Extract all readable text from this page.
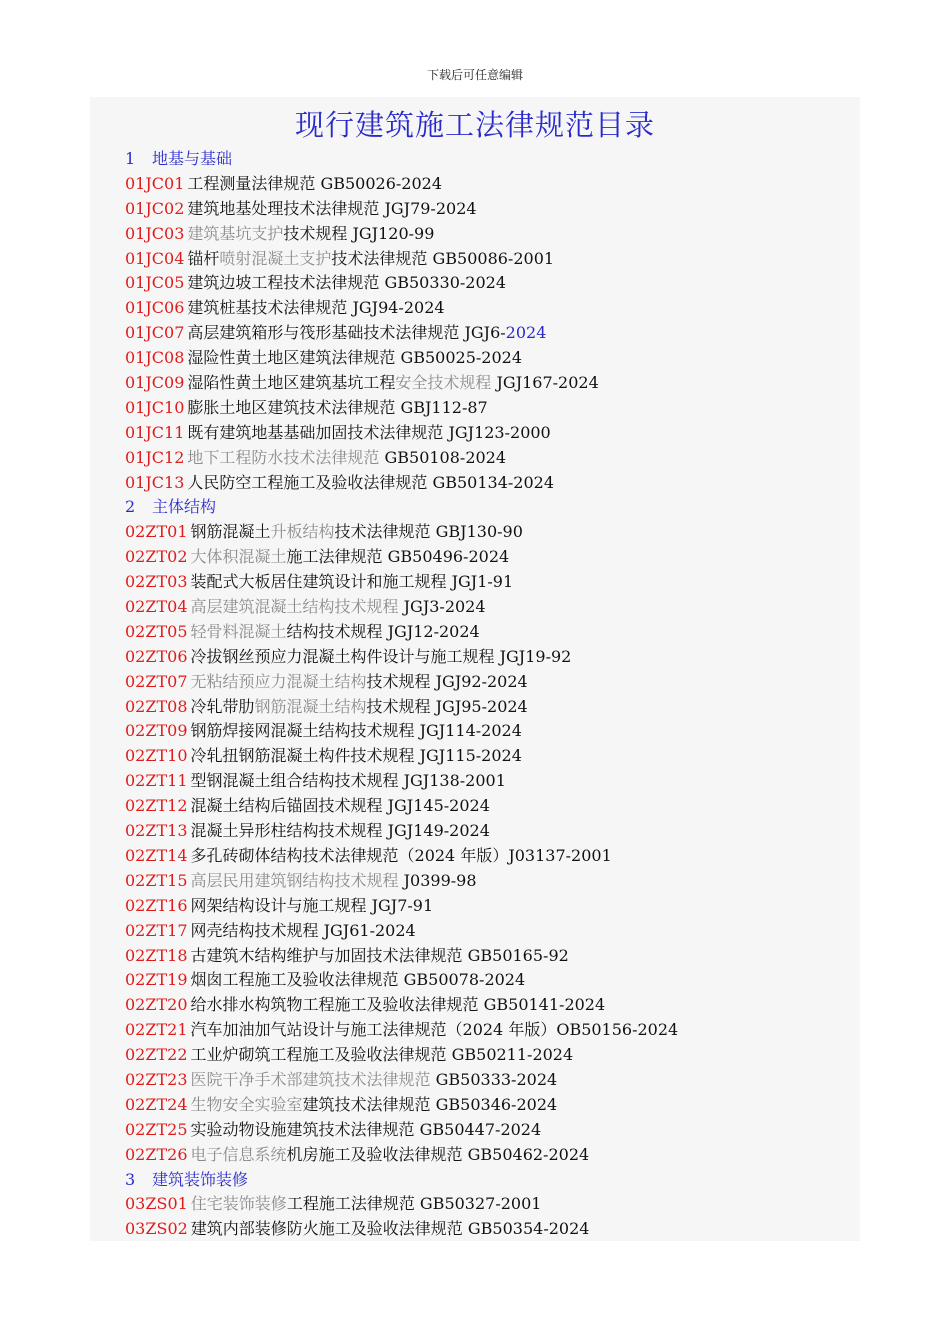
下载后可任意编辑
现行建筑施工法律规范目录
1 地基与基础
01JC01 工程测量法律规范 GB50026-2024
01JC02 建筑地基处理技术法律规范 JGJ79-2024
01JC03 建筑基坑支护技术规程 JGJ120-99
01JC04 锚杆喷射混凝土支护技术法律规范 GB50086-2001
01JC05 建筑边坡工程技术法律规范 GB50330-2024
01JC06 建筑桩基技术法律规范 JGJ94-2024
01JC07 高层建筑箱形与筏形基础技术法律规范 JGJ6-2024
01JC08 湿险性黄土地区建筑法律规范 GB50025-2024
01JC09 湿陷性黄土地区建筑基坑工程安全技术规程 JGJ167-2024
01JC10 膨胀土地区建筑技术法律规范 GBJ112-87
01JC11 既有建筑地基基础加固技术法律规范 JGJ123-2000
01JC12 地下工程防水技术法律规范 GB50108-2024
01JC13 人民防空工程施工及验收法律规范 GB50134-2024
2 主体结构
02ZT01 钢筋混凝土升板结构技术法律规范 GBJ130-90
02ZT02 大体积混凝土施工法律规范 GB50496-2024
02ZT03 装配式大板居住建筑设计和施工规程 JGJ1-91
02ZT04 高层建筑混凝土结构技术规程 JGJ3-2024
02ZT05 轻骨料混凝土结构技术规程 JGJ12-2024
02ZT06 冷拔钢丝预应力混凝土构件设计与施工规程 JGJ19-92
02ZT07 无粘结预应力混凝土结构技术规程 JGJ92-2024
02ZT08 冷轧带肋钢筋混凝土结构技术规程 JGJ95-2024
02ZT09 钢筋焊接网混凝土结构技术规程 JGJ114-2024
02ZT10 冷轧扭钢筋混凝土构件技术规程 JGJ115-2024
02ZT11 型钢混凝土组合结构技术规程 JGJ138-2001
02ZT12 混凝土结构后锚固技术规程 JGJ145-2024
02ZT13 混凝土异形柱结构技术规程 JGJ149-2024
02ZT14 多孔砖砌体结构技术法律规范（2024 年版）J03137-2001
02ZT15 高层民用建筑钢结构技术规程 J0399-98
02ZT16 网架结构设计与施工规程 JGJ7-91
02ZT17 网壳结构技术规程 JGJ61-2024
02ZT18 古建筑木结构维护与加固技术法律规范 GB50165-92
02ZT19 烟囱工程施工及验收法律规范 GB50078-2024
02ZT20 给水排水构筑物工程施工及验收法律规范 GB50141-2024
02ZT21 汽车加油加气站设计与施工法律规范（2024 年版）OB50156-2024
02ZT22 工业炉砌筑工程施工及验收法律规范 GB50211-2024
02ZT23 医院干净手术部建筑技术法律规范 GB50333-2024
02ZT24 生物安全实验室建筑技术法律规范 GB50346-2024
02ZT25 实验动物设施建筑技术法律规范 GB50447-2024
02ZT26 电子信息系统机房施工及验收法律规范 GB50462-2024
3 建筑装饰装修
03ZS01 住宅装饰装修工程施工法律规范 GB50327-2001
03ZS02 建筑内部装修防火施工及验收法律规范 GB50354-2024
